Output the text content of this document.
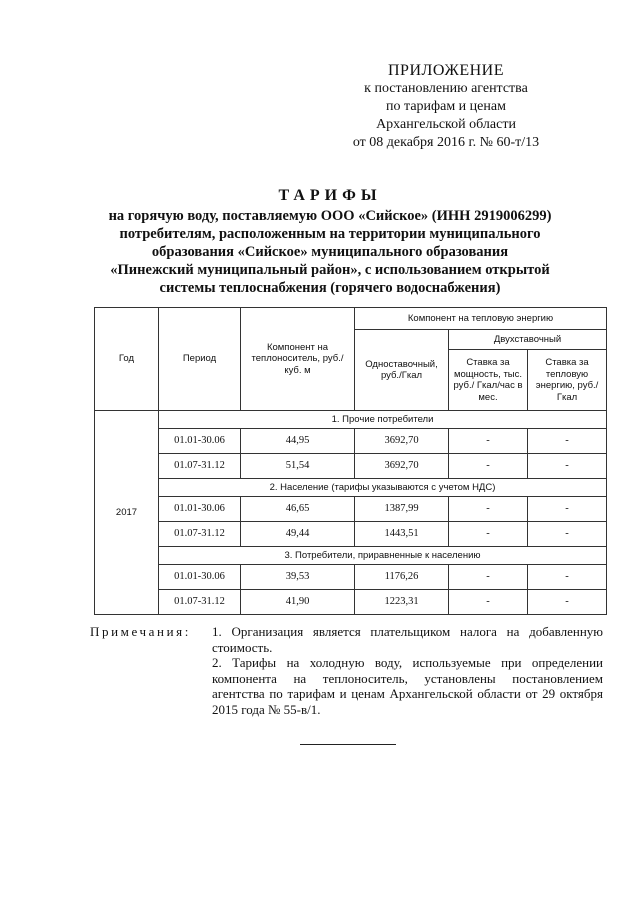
ПРИЛОЖЕНИЕ
к постановлению агентства
по тарифам и ценам
Архангельской области
от 08 декабря 2016 г. № 60-т/13
ТАРИФЫ
на горячую воду, поставляемую ООО «Сийское» (ИНН 2919006299)
потребителям, расположенным на территории муниципального
образования «Сийское» муниципального образования
«Пинежский муниципальный район», с использованием открытой
системы теплоснабжения (горячего водоснабжения)
Год	Период	Компонент на теплоноситель, руб./куб. м	Компонент на тепловую энергию		
			Одноставочный, руб./Гкал	Двухставочный	
				Ставка за мощность, тыс. руб./ Гкал/час в мес.	Ставка за тепловую энергию, руб./Гкал
2017	1. Прочие потребители				
	01.01-30.06	44,95	3692,70	-	-
	01.07-31.12	51,54	3692,70	-	-
	2. Население (тарифы указываются с учетом НДС)				
	01.01-30.06	46,65	1387,99	-	-
	01.07-31.12	49,44	1443,51	-	-
	3. Потребители, приравненные к населению				
	01.01-30.06	39,53	1176,26	-	-
	01.07-31.12	41,90	1223,31	-	-
Примечания: 1. Организация является плательщиком налога на добавленную стоимость.

2. Тарифы на холодную воду, используемые при определении компонента на теплоноситель, установлены постановлением агентства по тарифам и ценам Архангельской области от 29 октября 2015 года № 55-в/1.
